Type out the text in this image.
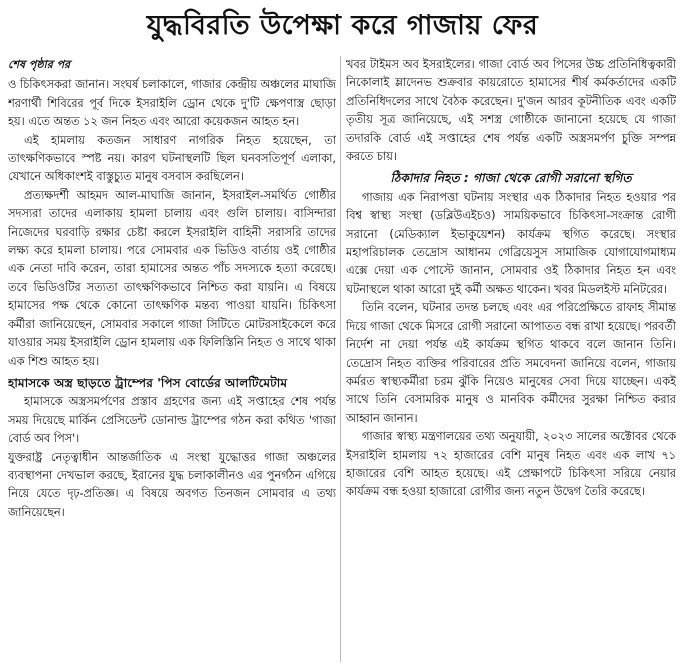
যুদ্ধবিরতি উপেক্ষা করে গাজায় ফের
শেষ পৃষ্ঠার পর

ও চিকিৎসকরা জানান। সংঘর্ষ চলাকালে, গাজার কেন্দ্রীয় অঞ্চলের মাঘাজি শরণার্থী শিবিরের পূর্ব দিকে ইসরাইলি ড্রোন থেকে দু'টি ক্ষেপণাস্ত্র ছোড়া হয়। এতে অন্তত ১২ জন নিহত এবং আরো কয়েকজন আহত হন।

এই হামলায় কতজন সাধারণ নাগরিক নিহত হয়েছেন, তা তাৎক্ষণিকভাবে স্পষ্ট নয়। কারণ ঘটনাস্থলটি ছিল ঘনবসতিপূর্ণ এলাকা, যেখানে অধিকাংশই বাস্তুচ্যুত মানুষ বসবাস করছিলেন।

প্রত্যক্ষদর্শী আহমদ আল-মাঘাজি জানান, ইসরাইল-সমর্থিত গোষ্ঠীর সদস্যরা তাদের এলাকায় হামলা চালায় এবং গুলি চালায়। বাসিন্দারা নিজেদের ঘরবাড়ি রক্ষার চেষ্টা করলে ইসরাইলি বাহিনী সরাসরি তাদের লক্ষ্য করে হামলা চালায়। পরে সোমবার এক ভিডিও বার্তায় ওই গোষ্ঠীর এক নেতা দাবি করেন, তারা হামাসের অন্তত পাঁচ সদস্যকে হত্যা করেছে। তবে ভিডিওটির সত্যতা তাৎক্ষণিকভাবে নিশ্চিত করা যায়নি। এ বিষয়ে হামাসের পক্ষ থেকে কোনো তাৎক্ষণিক মন্তব্য পাওয়া যায়নি। চিকিৎসা কর্মীরা জানিয়েছেন, সোমবার সকালে গাজা সিটিতে মোটরসাইকেলে করে যাওয়ার সময় ইসরাইলি ড্রোন হামলায় এক ফিলিস্তিনি নিহত ও সাথে থাকা এক শিশু আহত হয়।

হামাসকে অস্ত্র ছাড়তে ট্রাম্পের 'পিস বোর্ডের আলটিমেটাম

হামাসকে অস্ত্রসমর্পণের প্রস্তাব গ্রহণের জন্য এই সপ্তাহের শেষ পর্যন্ত সময় দিয়েছে মার্কিন প্রেসিডেন্ট ডোনাল্ড ট্রাম্পের গঠন করা কথিত 'গাজা বোর্ড অব পিস'।

যুক্তরাষ্ট্র নেতৃত্বাধীন আন্তর্জাতিক এ সংস্থা যুদ্ধোত্তর গাজা অঞ্চলের ব্যবস্থাপনা দেখভাল করছে, ইরানের যুদ্ধ চলাকালীনও এর পুনর্গঠন এগিয়ে নিয়ে যেতে দৃঢ়-প্রতিজ্ঞ। এ বিষয়ে অবগত তিনজন সোমবার এ তথ্য জানিয়েছেন।

খবর টাইমস অব ইসরাইলের। গাজা বোর্ড অব পিসের উচ্চ প্রতিনিধিত্বকারী নিকোলাই ম্লাদেনভ শুক্রবার কায়রোতে হামাসের শীর্ষ কর্মকর্তাদের একটি প্রতিনিধিদলের সাথে বৈঠক করেছেন। দু'জন আরব কূটনীতিক এবং একটি তৃতীয় সূত্র জানিয়েছে, এই সশস্ত্র গোষ্ঠীকে জানানো হয়েছে যে গাজা তদারকি বোর্ড এই সপ্তাহের শেষ পর্যন্ত একটি অস্ত্রসমর্পণ চুক্তি সম্পন্ন করতে চায়।

ঠিকাদার নিহত : গাজা থেকে রোগী সরানো স্থগিত

গাজায় এক নিরাপত্তা ঘটনায় সংস্থার এক ঠিকাদার নিহত হওয়ার পর বিশ্ব স্বাস্থ্য সংস্থা (ডব্লিউএইচও) সাময়িকভাবে চিকিৎসা-সংক্রান্ত রোগী সরানো (মেডিক্যাল ইভাকুয়েশন) কার্যক্রম স্থগিত করেছে। সংস্থার মহাপরিচালক তেদ্রোস আধানম গেব্রিয়েসুস সামাজিক যোগাযোগমাধ্যম এক্সে দেয়া এক পোস্টে জানান, সোমবার ওই ঠিকাদার নিহত হন এবং ঘটনাস্থলে থাকা আরো দুই কর্মী অক্ষত থাকেন। খবর মিডলইস্ট মনিটরের।

তিনি বলেন, ঘটনার তদন্ত চলছে এবং এর পরিপ্রেক্ষিতে রাফাহ সীমান্ত দিয়ে গাজা থেকে মিসরে রোগী সরানো আপাতত বন্ধ রাখা হয়েছে। পরবর্তী নির্দেশ না দেয়া পর্যন্ত এই কার্যক্রম স্থগিত থাকবে বলে জানান তিনি। তেদ্রোস নিহত ব্যক্তির পরিবারের প্রতি সমবেদনা জানিয়ে বলেন, গাজায় কর্মরত স্বাস্থ্যকর্মীরা চরম ঝুঁকি নিয়েও মানুষের সেবা দিয়ে যাচ্ছেন। একই সাথে তিনি বেসামরিক মানুষ ও মানবিক কর্মীদের সুরক্ষা নিশ্চিত করার আহ্বান জানান।

গাজার স্বাস্থ্য মন্ত্রণালয়ের তথ্য অনুযায়ী, ২০২৩ সালের অক্টোবর থেকে ইসরাইলি হামলায় ৭২ হাজারের বেশি মানুষ নিহত এবং এক লাখ ৭১ হাজারের বেশি আহত হয়েছে। এই প্রেক্ষাপটে চিকিৎসা সরিয়ে নেয়ার কার্যক্রম বন্ধ হওয়া হাজারো রোগীর জন্য নতুন উদ্বেগ তৈরি করেছে।
